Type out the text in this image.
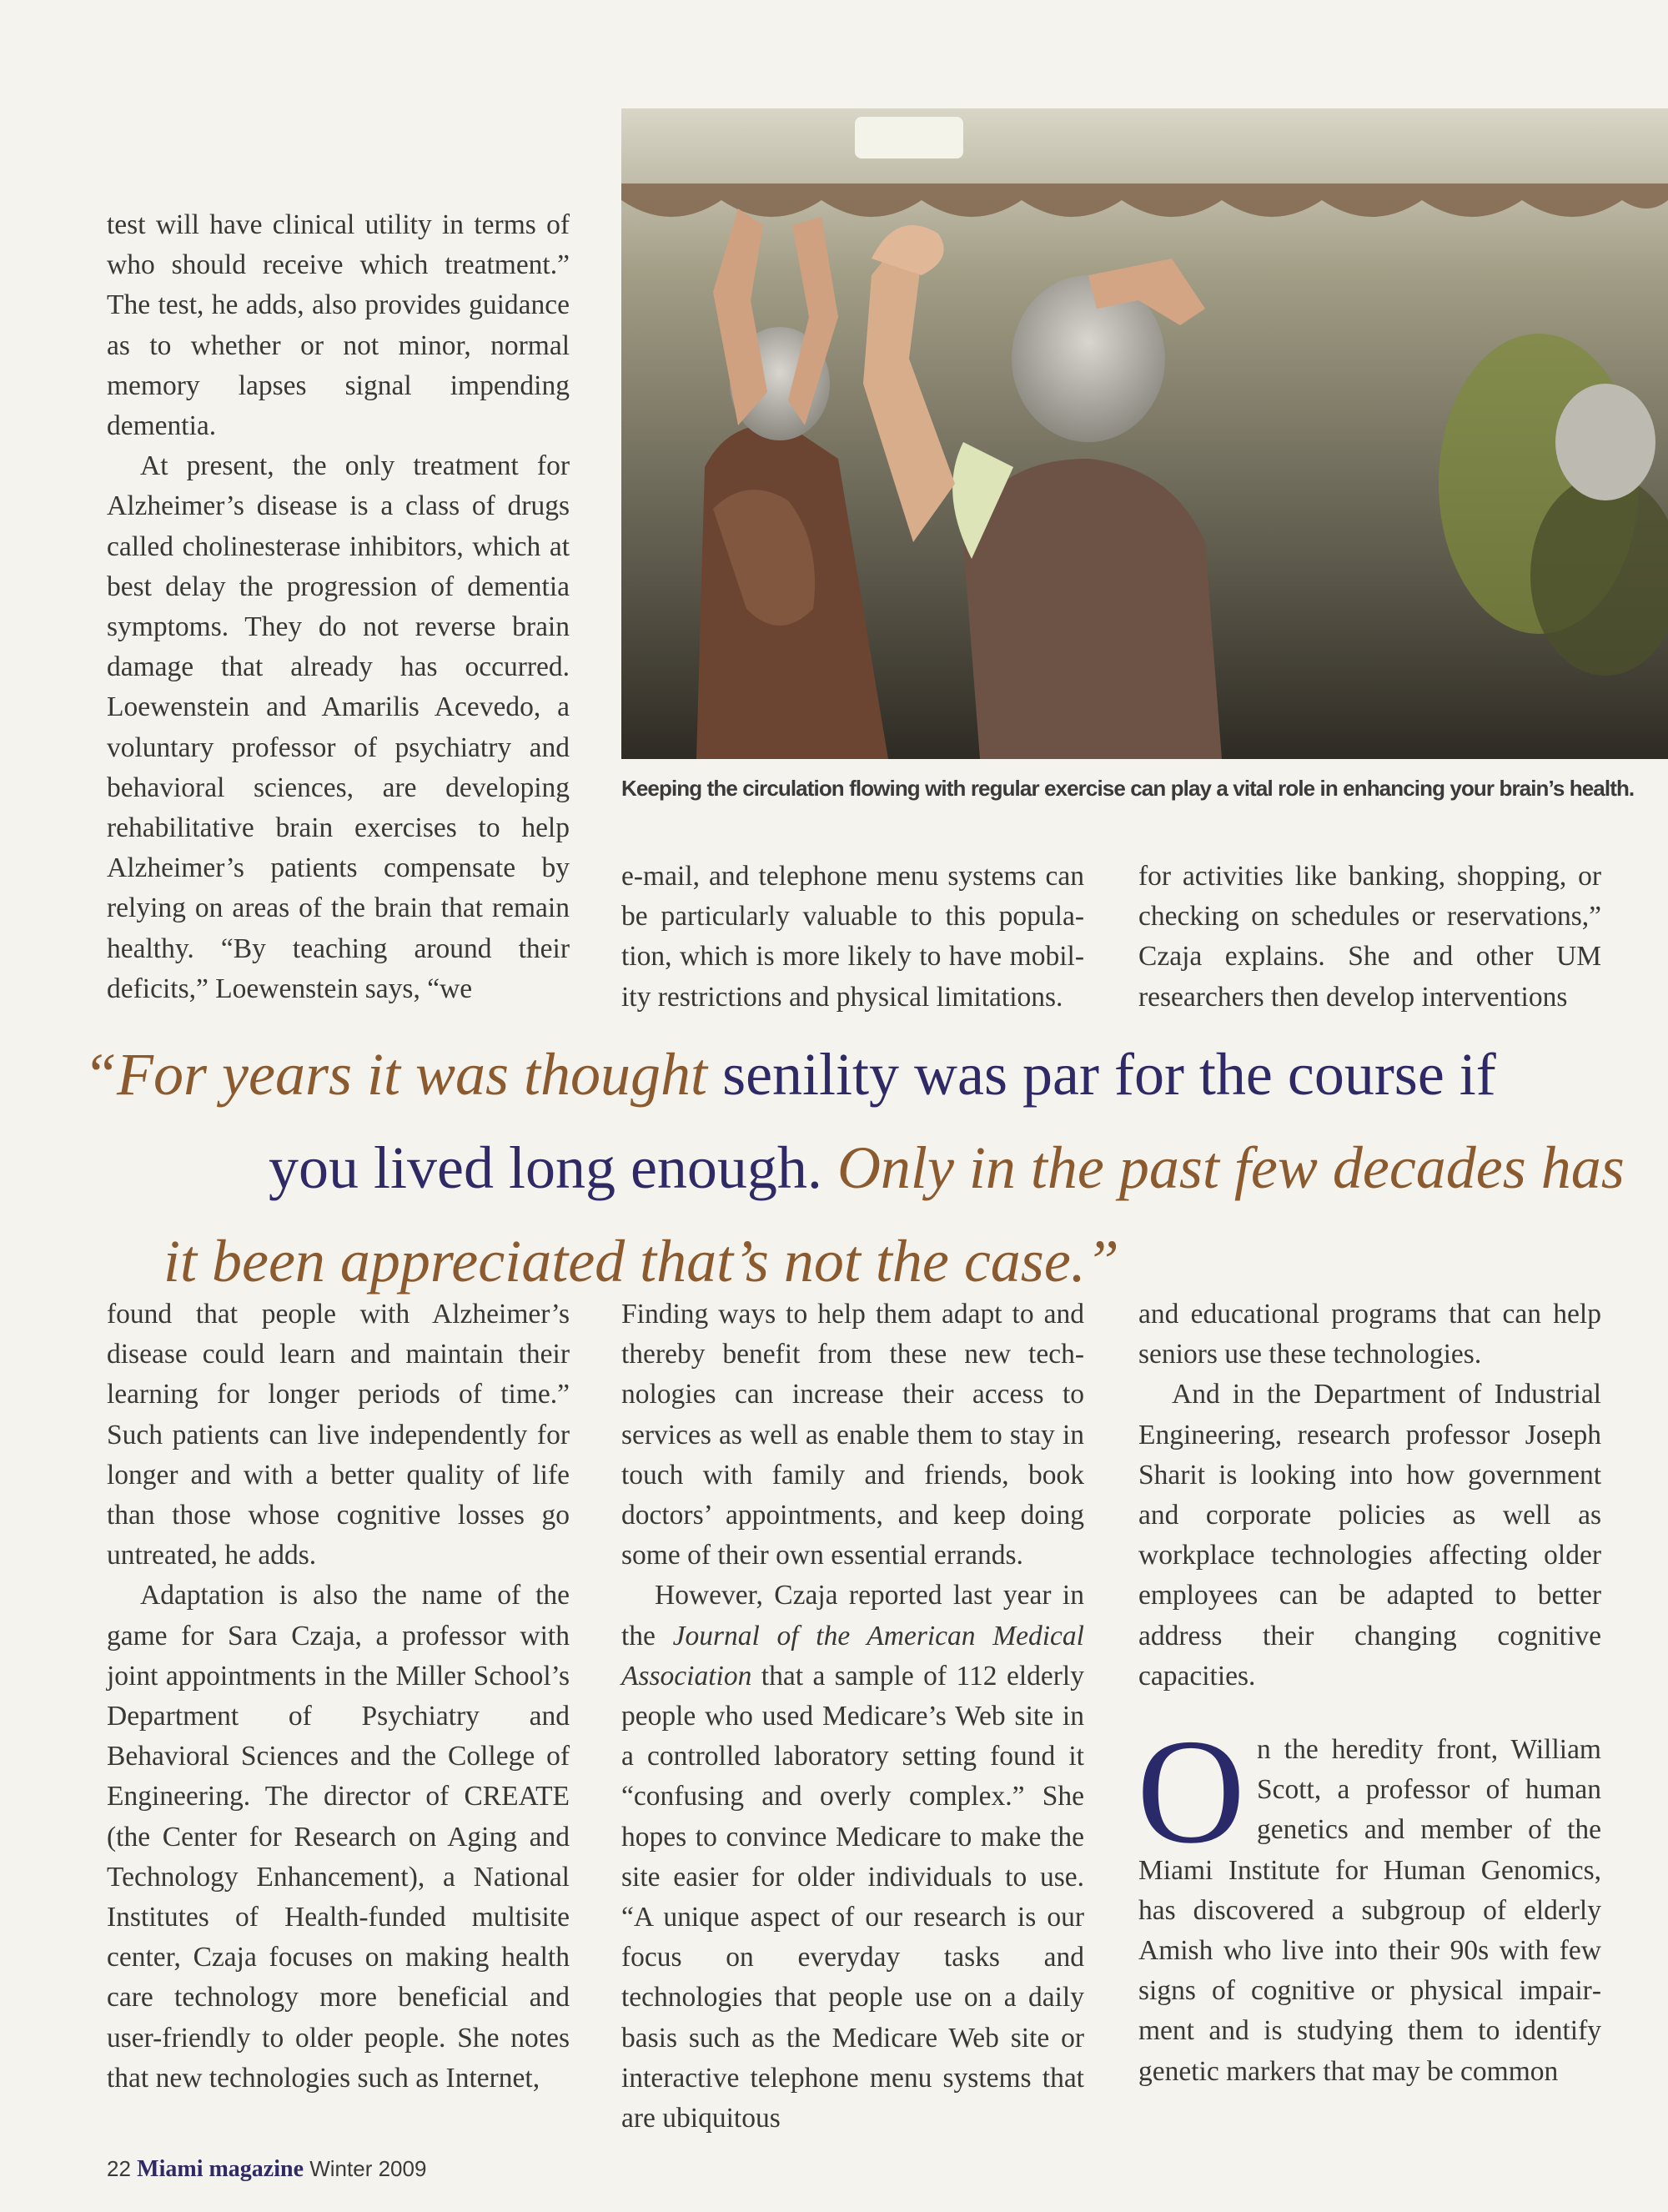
test will have clinical utility in terms of who should receive which treatment.” The test, he adds, also provides guidance as to whether or not minor, normal memory lapses signal impending dementia.

At present, the only treatment for Alzheimer’s disease is a class of drugs called cholinesterase inhibitors, which at best delay the progression of dementia symptoms. They do not reverse brain damage that already has occurred. Loewenstein and Amarilis Acevedo, a voluntary professor of psychiatry and behavioral sciences, are developing rehabilitative brain exercises to help Alzheimer’s patients compensate by relying on areas of the brain that remain healthy. “By teaching around their deficits,” Loewenstein says, “we

Keeping the circulation flowing with regular exercise can play a vital role in enhancing your brain’s health.

e-mail, and telephone menu systems can be particularly valuable to this population, which is more likely to have mobility restrictions and physical limitations.

for activities like banking, shopping, or checking on schedules or reservations,” Czaja explains. She and other UM researchers then develop interventions

“For years it was thought senility was par for the course if
you lived long enough. Only in the past few decades has
it been appreciated that’s not the case.”

found that people with Alzheimer’s disease could learn and maintain their learning for longer periods of time.” Such patients can live independently for longer and with a better quality of life than those whose cognitive losses go untreated, he adds.

Adaptation is also the name of the game for Sara Czaja, a professor with joint appointments in the Miller School’s Department of Psychiatry and Behavioral Sciences and the College of Engineering. The director of CREATE (the Center for Research on Aging and Technology Enhancement), a National Institutes of Health-funded multisite center, Czaja focuses on making health care technology more beneficial and user-friendly to older people. She notes that new technologies such as Internet,

Finding ways to help them adapt to and thereby benefit from these new technologies can increase their access to services as well as enable them to stay in touch with family and friends, book doctors’ appointments, and keep doing some of their own essential errands.

However, Czaja reported last year in the Journal of the American Medical Association that a sample of 112 elderly people who used Medicare’s Web site in a controlled laboratory setting found it “confusing and overly complex.” She hopes to convince Medicare to make the site easier for older individuals to use. “A unique aspect of our research is our focus on everyday tasks and technologies that people use on a daily basis such as the Medicare Web site or interactive telephone menu systems that are ubiquitous

and educational programs that can help seniors use these technologies.

And in the Department of Industrial Engineering, research professor Joseph Sharit is looking into how government and corporate policies as well as workplace technologies affecting older employees can be adapted to better address their changing cognitive capacities.

On the heredity front, William Scott, a professor of human genetics and member of the Miami Institute for Human Genomics, has discovered a subgroup of elderly Amish who live into their 90s with few signs of cognitive or physical impairment and is studying them to identify genetic markers that may be common

22 Miami magazine Winter 2009
